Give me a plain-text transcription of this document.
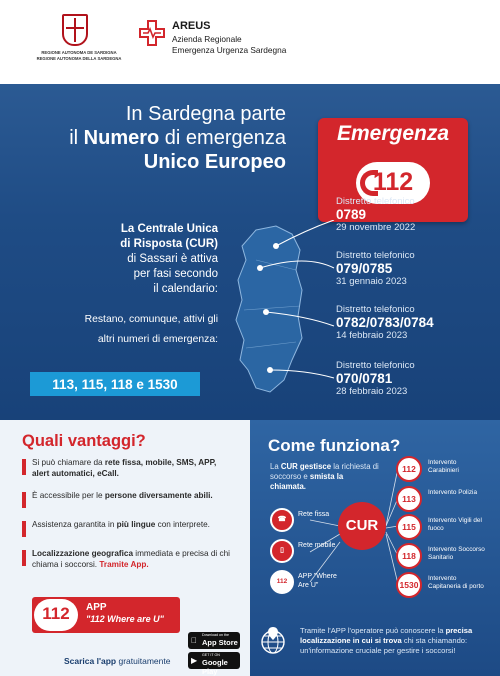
REGIONE AUTONOMA DE SARDIGNA
REGIONE AUTONOMA DELLA SARDEGNA
AREUS
Azienda Regionale
Emergenza Urgenza Sardegna
Emergenza
112
In Sardegna parte
il Numero di emergenza
Unico Europeo
La Centrale Unica
di Risposta (CUR)
di Sassari è attiva
per fasi secondo
il calendario:
Restano, comunque, attivi gli
altri numeri di emergenza:
113, 115, 118 e 1530
Distretto telefonico
0789
29 novembre 2022
Distretto telefonico
079/0785
31 gennaio 2023
Distretto telefonico
0782/0783/0784
14 febbraio 2023
Distretto telefonico
070/0781
28 febbraio 2023
Quali vantaggi?
Si può chiamare da rete fissa, mobile, SMS, APP, alert automatici, eCall.
È accessibile per le persone diversamente abili.
Assistenza garantita in più lingue con interprete.
Localizzazione geografica immediata e precisa di chi chiama i soccorsi. Tramite App.
112	APP
"112 Where are U"
Scarica l'app gratuitamente
Download on the
App Store
▶
GET IT ON
Google Play
Come funziona?
La CUR gestisce la richiesta di soccorso e smista la chiamata.
CUR
☎
Rete fissa
▯
Rete mobile
112
APP "Where Are U"
112
Intervento Carabinieri
113
Intervento Polizia
115
Intervento Vigili del fuoco
118
Intervento Soccorso Sanitario
1530
Intervento Capitaneria di porto
Tramite l'APP l'operatore può conoscere la precisa localizzazione in cui si trova chi sta chiamando: un'informazione cruciale per gestire i soccorsi!
